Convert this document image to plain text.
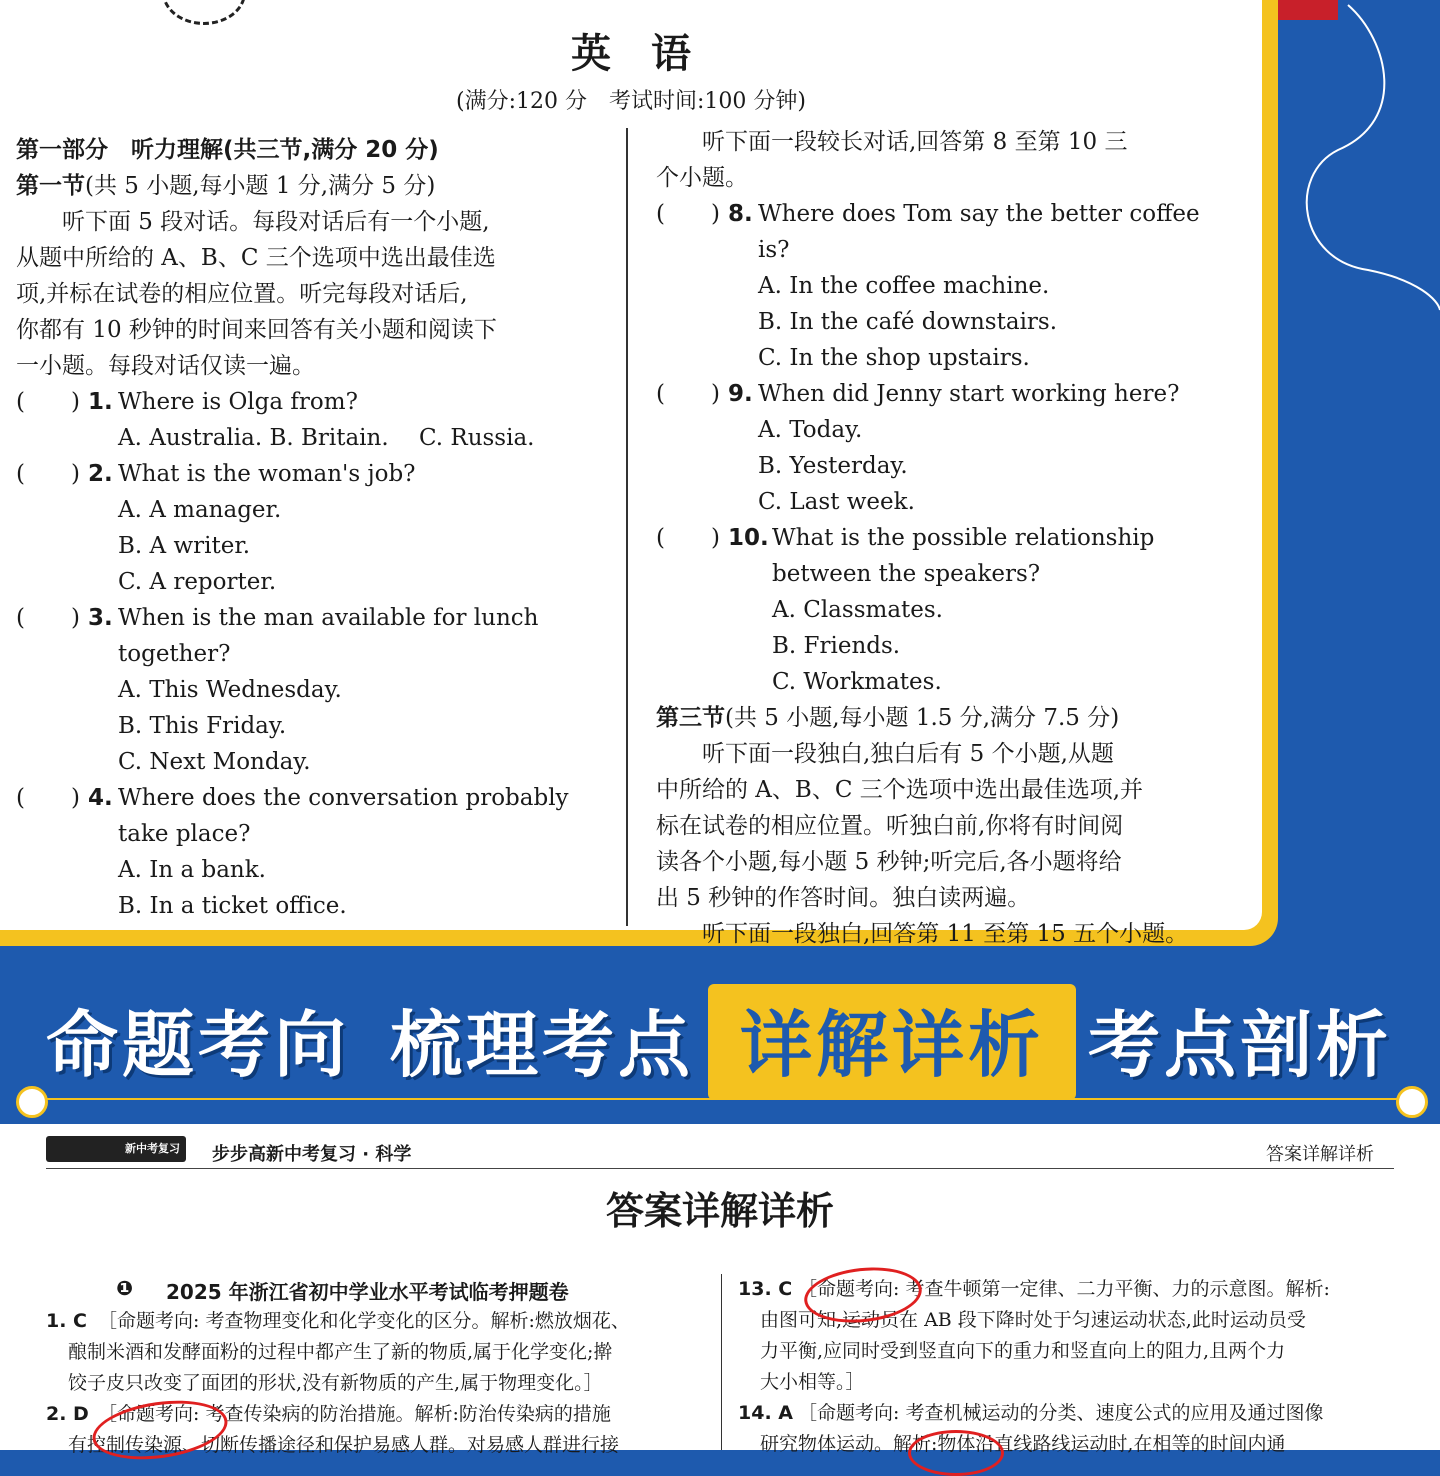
英　语
(满分:120 分　考试时间:100 分钟)
第一部分　听力理解(共三节,满分 20 分)
第一节(共 5 小题,每小题 1 分,满分 5 分)
　　听下面 5 段对话。每段对话后有一个小题,
从题中所给的 A、B、C 三个选项中选出最佳选
项,并标在试卷的相应位置。听完每段对话后,
你都有 10 秒钟的时间来回答有关小题和阅读下
一小题。每段对话仅读一遍。
(  ) 1. Where is Olga from?
A. Australia. B. Britain.　 C. Russia.
(  ) 2. What is the woman's job?
A. A manager.
B. A writer.
C. A reporter.
(  ) 3. When is the man available for lunch
together?
A. This Wednesday.
B. This Friday.
C. Next Monday.
(  ) 4. Where does the conversation probably
take place?
A. In a bank.
B. In a ticket office.
　　听下面一段较长对话,回答第 8 至第 10 三
个小题。
(  ) 8. Where does Tom say the better coffee
is?
A. In the coffee machine.
B. In the café downstairs.
C. In the shop upstairs.
(  ) 9. When did Jenny start working here?
A. Today.
B. Yesterday.
C. Last week.
(  ) 10. What is the possible relationship
between the speakers?
A. Classmates.
B. Friends.
C. Workmates.
第三节(共 5 小题,每小题 1.5 分,满分 7.5 分)
　　听下面一段独白,独白后有 5 个小题,从题
中所给的 A、B、C 三个选项中选出最佳选项,并
标在试卷的相应位置。听独白前,你将有时间阅
读各个小题,每小题 5 秒钟;听完后,各小题将给
出 5 秒钟的作答时间。独白读两遍。
　　听下面一段独白,回答第 11 至第 15 五个小题。
命题考向 梳理考点 详解详析 考点剖析
新中考复习 步步高新中考复习 · 科学	答案详解详析
答案详解详析
❶ 2025 年浙江省初中学业水平考试临考押题卷
1. C ［命题考向: 考查物理变化和化学变化的区分。解析:燃放烟花、
酿制米酒和发酵面粉的过程中都产生了新的物质,属于化学变化;擀
饺子皮只改变了面团的形状,没有新物质的产生,属于物理变化。］
2. D ［命题考向: 考查传染病的防治措施。解析:防治传染病的措施
有控制传染源、切断传播途径和保护易感人群。对易感人群进行接
13. C ［命题考向: 考查牛顿第一定律、二力平衡、力的示意图。解析:
由图可知,运动员在 AB 段下降时处于匀速运动状态,此时运动员受
力平衡,应同时受到竖直向下的重力和竖直向上的阻力,且两个力
大小相等。］
14. A ［命题考向: 考查机械运动的分类、速度公式的应用及通过图像
研究物体运动。解析:物体沿直线路线运动时,在相等的时间内通
